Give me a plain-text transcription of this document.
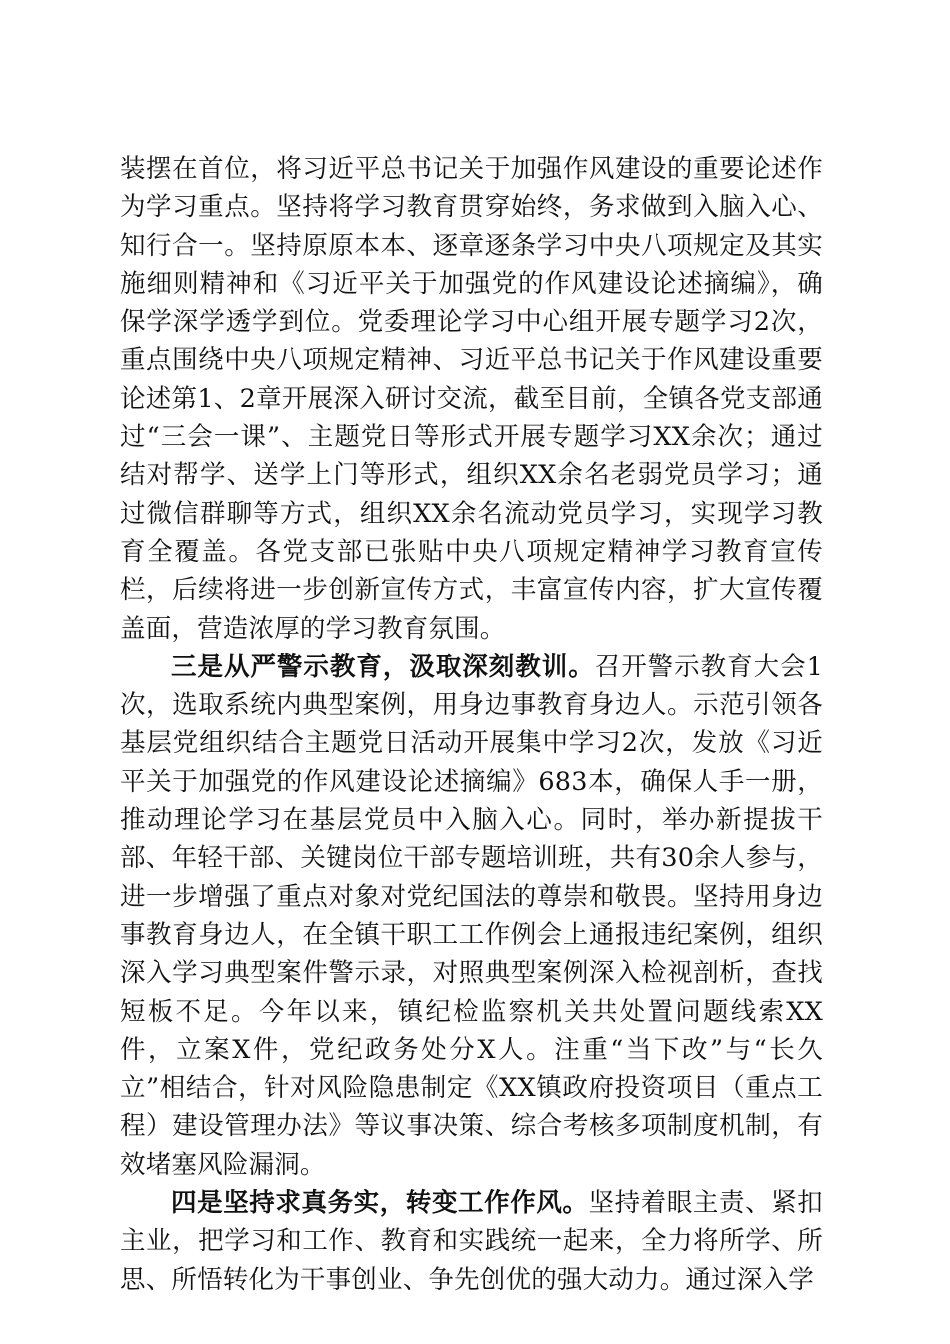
装摆在首位，将习近平总书记关于加强作风建设的重要论述作为学习重点。坚持将学习教育贯穿始终，务求做到入脑入心、知行合一。坚持原原本本、逐章逐条学习中央八项规定及其实施细则精神和《习近平关于加强党的作风建设论述摘编》，确保学深学透学到位。党委理论学习中心组开展专题学习2次，重点围绕中央八项规定精神、习近平总书记关于作风建设重要论述第1、2章开展深入研讨交流，截至目前，全镇各党支部通过“三会一课”、主题党日等形式开展专题学习XX余次；通过结对帮学、送学上门等形式，组织XX余名老弱党员学习；通过微信群聊等方式，组织XX余名流动党员学习，实现学习教育全覆盖。各党支部已张贴中央八项规定精神学习教育宣传栏，后续将进一步创新宣传方式，丰富宣传内容，扩大宣传覆盖面，营造浓厚的学习教育氛围。

三是从严警示教育，汲取深刻教训。召开警示教育大会1次，选取系统内典型案例，用身边事教育身边人。示范引领各基层党组织结合主题党日活动开展集中学习2次，发放《习近平关于加强党的作风建设论述摘编》683本，确保人手一册，推动理论学习在基层党员中入脑入心。同时，举办新提拔干部、年轻干部、关键岗位干部专题培训班，共有30余人参与，进一步增强了重点对象对党纪国法的尊崇和敬畏。坚持用身边事教育身边人，在全镇干职工工作例会上通报违纪案例，组织深入学习典型案件警示录，对照典型案例深入检视剖析，查找短板不足。今年以来，镇纪检监察机关共处置问题线索XX件，立案X件，党纪政务处分X人。注重“当下改”与“长久立”相结合，针对风险隐患制定《XX镇政府投资项目（重点工程）建设管理办法》等议事决策、综合考核多项制度机制，有效堵塞风险漏洞。

四是坚持求真务实，转变工作作风。坚持着眼主责、紧扣主业，把学习和工作、教育和实践统一起来，全力将所学、所思、所悟转化为干事创业、争先创优的强大动力。通过深入学
